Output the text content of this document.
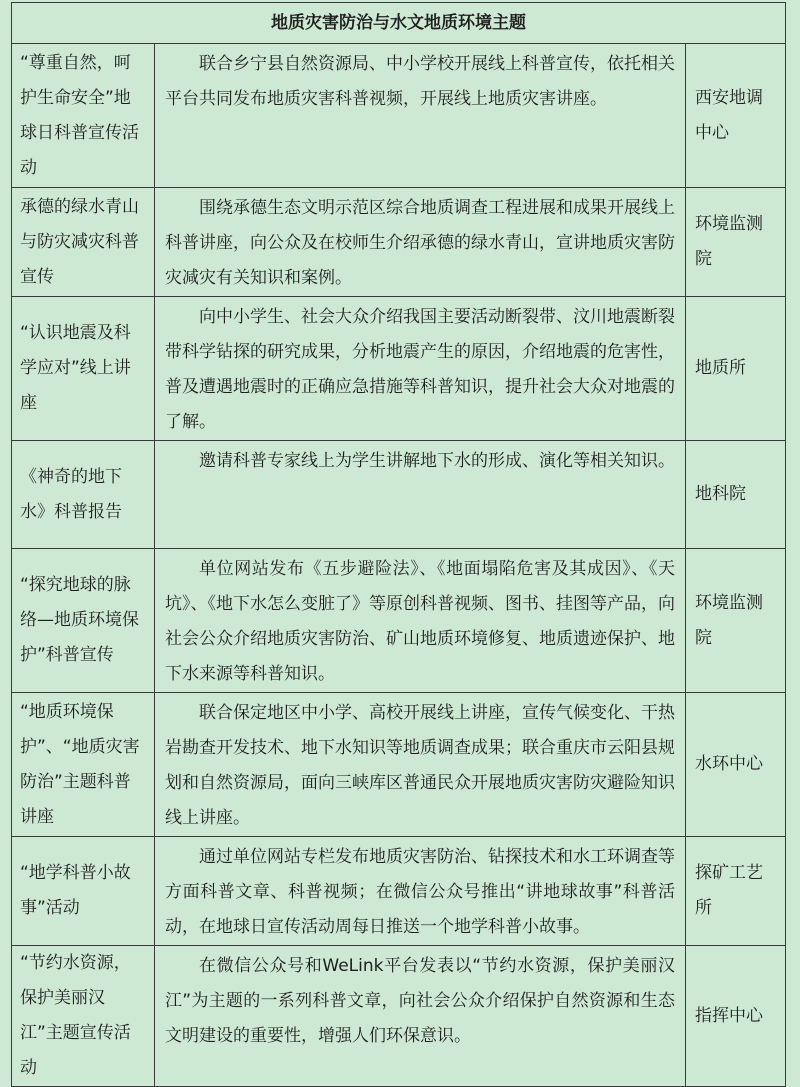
地质灾害防治与水文地质环境主题		
“尊重自然，呵护生命安全”地球日科普宣传活动	联合乡宁县自然资源局、中小学校开展线上科普宣传，依托相关平台共同发布地质灾害科普视频，开展线上地质灾害讲座。	西安地调中心
承德的绿水青山与防灾减灾科普宣传	围绕承德生态文明示范区综合地质调查工程进展和成果开展线上科普讲座，向公众及在校师生介绍承德的绿水青山，宣讲地质灾害防灾减灾有关知识和案例。	环境监测院
“认识地震及科学应对”线上讲座	向中小学生、社会大众介绍我国主要活动断裂带、汶川地震断裂带科学钻探的研究成果，分析地震产生的原因，介绍地震的危害性，普及遭遇地震时的正确应急措施等科普知识，提升社会大众对地震的了解。	地质所
《神奇的地下水》科普报告	邀请科普专家线上为学生讲解地下水的形成、演化等相关知识。	地科院
“探究地球的脉络—地质环境保护”科普宣传	单位网站发布《五步避险法》、《地面塌陷危害及其成因》、《天坑》、《地下水怎么变脏了》等原创科普视频、图书、挂图等产品，向社会公众介绍地质灾害防治、矿山地质环境修复、地质遗迹保护、地下水来源等科普知识。	环境监测院
“地质环境保护”、“地质灾害防治”主题科普讲座	联合保定地区中小学、高校开展线上讲座，宣传气候变化、干热岩勘查开发技术、地下水知识等地质调查成果；联合重庆市云阳县规划和自然资源局，面向三峡库区普通民众开展地质灾害防灾避险知识线上讲座。	水环中心
“地学科普小故事”活动	通过单位网站专栏发布地质灾害防治、钻探技术和水工环调查等方面科普文章、科普视频；在微信公众号推出“讲地球故事”科普活动，在地球日宣传活动周每日推送一个地学科普小故事。	探矿工艺所
“节约水资源，保护美丽汉江”主题宣传活动	在微信公众号和WeLink平台发表以“节约水资源，保护美丽汉江”为主题的一系列科普文章，向社会公众介绍保护自然资源和生态文明建设的重要性，增强人们环保意识。	指挥中心
